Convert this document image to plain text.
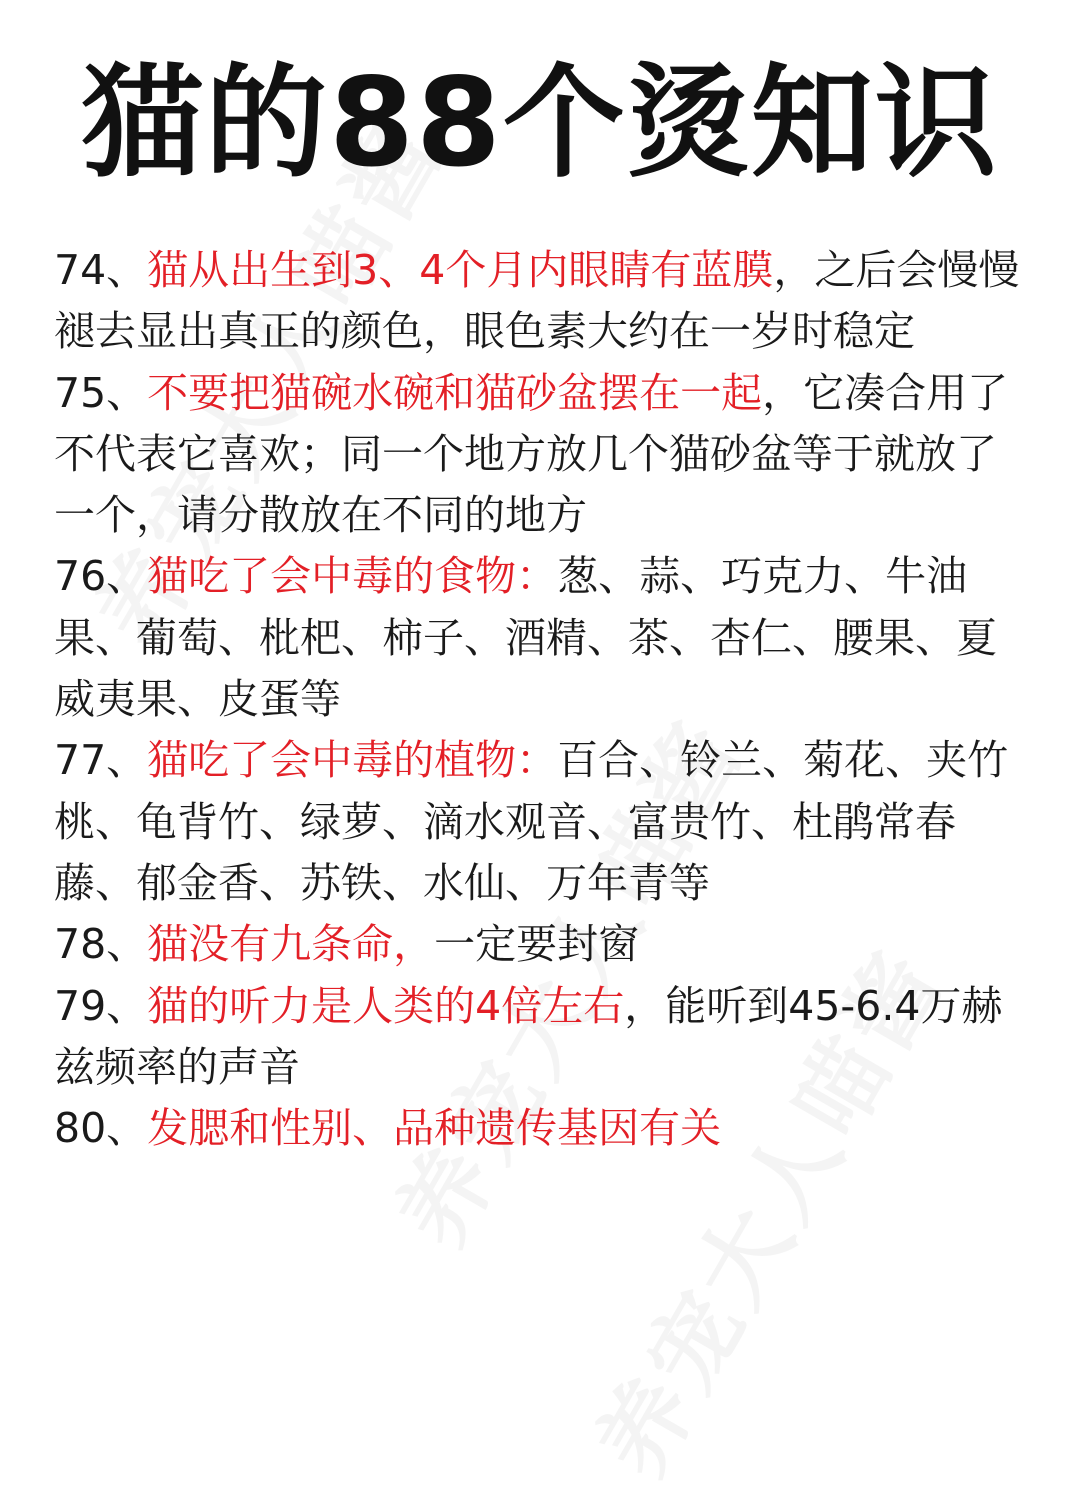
猫的88个烫知识

74、猫从出生到3、4个月内眼睛有蓝膜，之后会慢慢褪去显出真正的颜色，眼色素大约在一岁时稳定

75、不要把猫碗水碗和猫砂盆摆在一起，它凑合用了不代表它喜欢；同一个地方放几个猫砂盆等于就放了一个，请分散放在不同的地方

76、猫吃了会中毒的食物：葱、蒜、巧克力、牛油果、葡萄、枇杷、柿子、酒精、茶、杏仁、腰果、夏威夷果、皮蛋等

77、猫吃了会中毒的植物：百合、铃兰、菊花、夹竹桃、龟背竹、绿萝、滴水观音、富贵竹、杜鹃常春藤、郁金香、苏铁、水仙、万年青等

78、猫没有九条命，一定要封窗

79、猫的听力是人类的4倍左右，能听到45-6.4万赫兹频率的声音

80、发腮和性别、品种遗传基因有关
